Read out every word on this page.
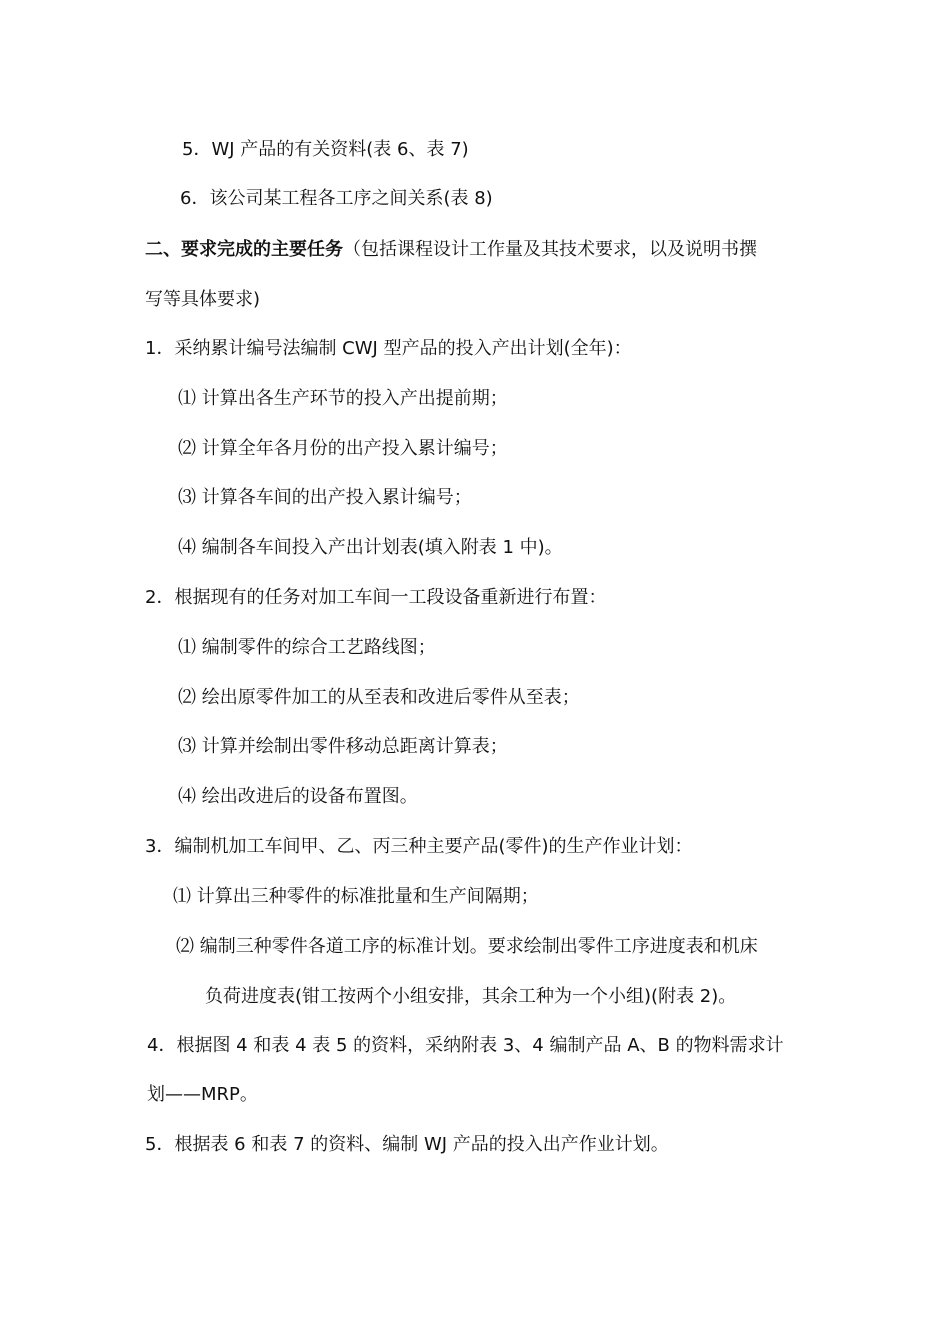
5．WJ 产品的有关资料(表 6、表 7)
6．该公司某工程各工序之间关系(表 8)
二、要求完成的主要任务（包括课程设计工作量及其技术要求，以及说明书撰
写等具体要求)
1．采纳累计编号法编制 CWJ 型产品的投入产出计划(全年)：
⑴ 计算出各生产环节的投入产出提前期；
⑵ 计算全年各月份的出产投入累计编号；
⑶ 计算各车间的出产投入累计编号；
⑷ 编制各车间投入产出计划表(填入附表 1 中)。
2．根据现有的任务对加工车间一工段设备重新进行布置：
⑴ 编制零件的综合工艺路线图；
⑵ 绘出原零件加工的从至表和改进后零件从至表；
⑶ 计算并绘制出零件移动总距离计算表；
⑷ 绘出改进后的设备布置图。
3．编制机加工车间甲、乙、丙三种主要产品(零件)的生产作业计划：
⑴ 计算出三种零件的标准批量和生产间隔期；
⑵ 编制三种零件各道工序的标准计划。要求绘制出零件工序进度表和机床
负荷进度表(钳工按两个小组安排，其余工种为一个小组)(附表 2)。
4．根据图 4 和表 4 表 5 的资料，采纳附表 3、4 编制产品 A、B 的物料需求计
划——MRP。
5．根据表 6 和表 7 的资料、编制 WJ 产品的投入出产作业计划。
